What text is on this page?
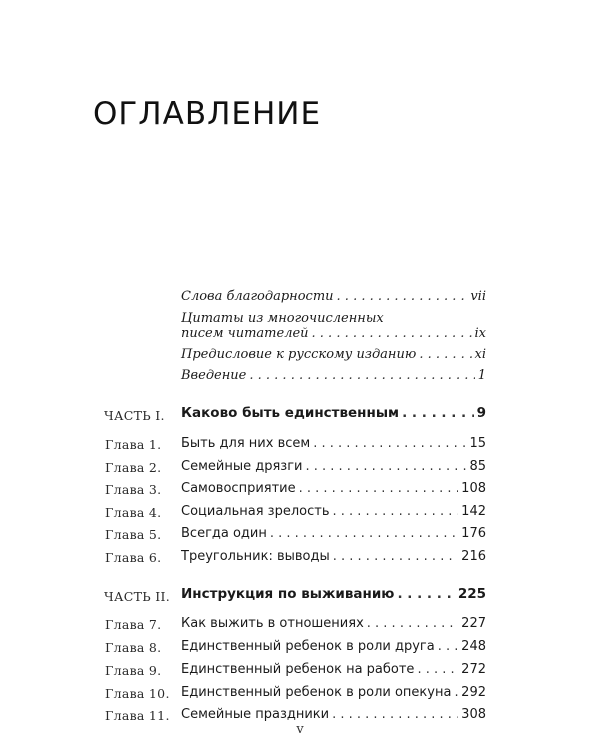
ОГЛАВЛЕНИЕ
Слова благодарности . . .	vii
Цитаты из многочисленных
писем читателей . . .	ix
Предисловие к русскому изданию . . .	xi
Введение . . .	1
ЧАСТЬ I. Каково быть единственным . . .	9
Глава 1. Быть для них всем . . .	15
Глава 2. Семейные дрязги . . .	85
Глава 3. Самовосприятие . . .	108
Глава 4. Социальная зрелость . . .	142
Глава 5. Всегда один . . .	176
Глава 6. Треугольник: выводы . . .	216
ЧАСТЬ II. Инструкция по выживанию . . .	225
Глава 7. Как выжить в отношениях . . .	227
Глава 8. Единственный ребенок в роли друга . . . 248
Глава 9. Единственный ребенок на работе . . .	272
Глава 10. Единственный ребенок в роли опекуна . . . 292
Глава 11. Семейные праздники . . .	308
v
